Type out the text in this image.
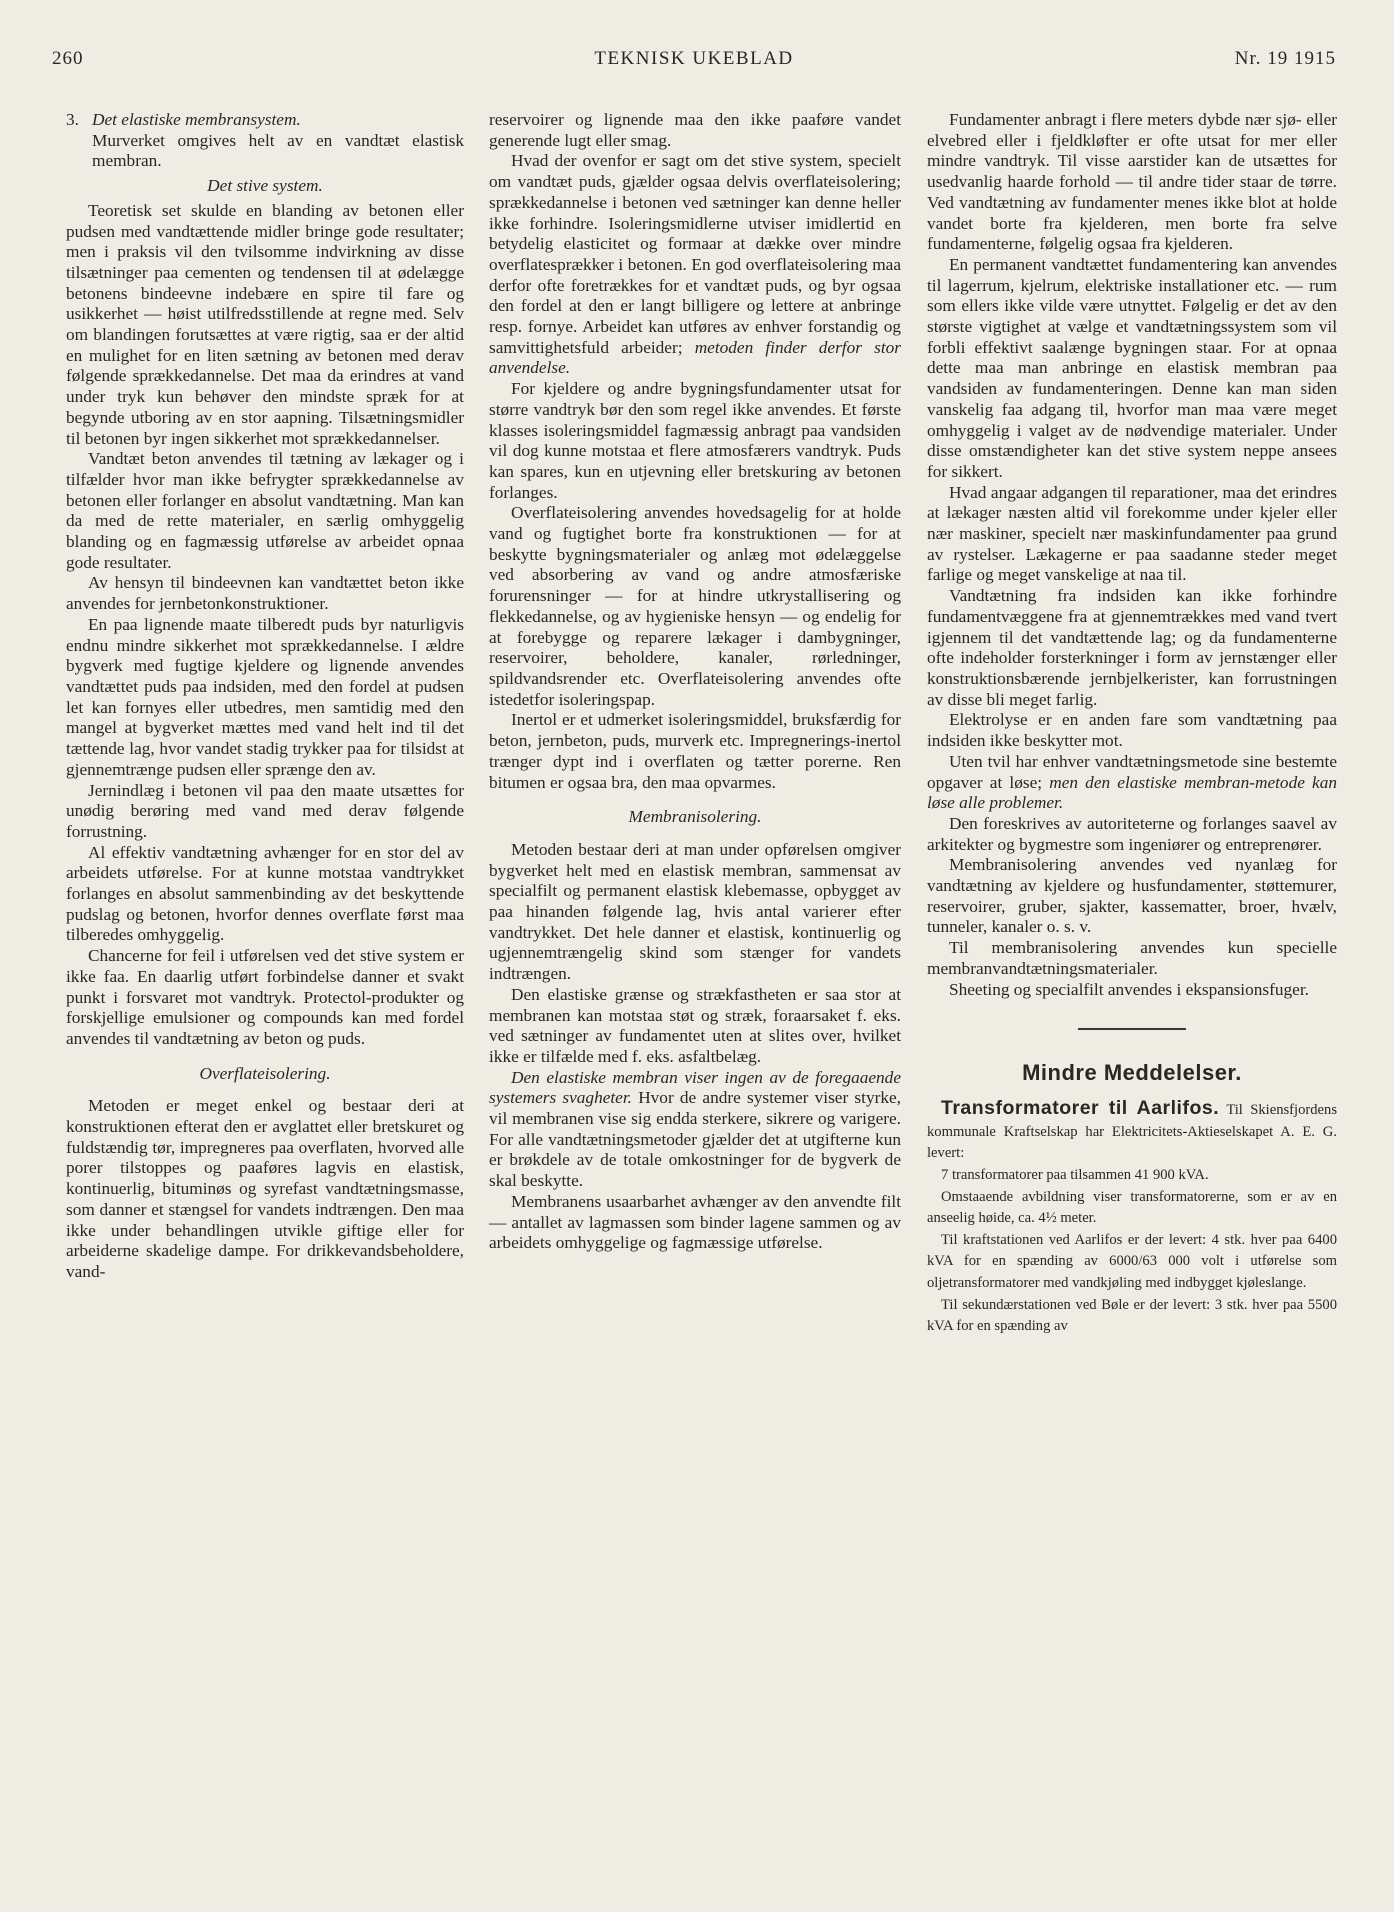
260	TEKNISK UKEBLAD	Nr. 19 1915

3. Det elastiske membransystem.
Murverket omgives helt av en vandtæt elastisk membran.

Det stive system.

Teoretisk set skulde en blanding av betonen eller pudsen med vandtættende midler bringe gode resultater; men i praksis vil den tvilsomme indvirkning av disse tilsætninger paa cementen og tendensen til at ødelægge betonens bindeevne indebære en spire til fare og usikkerhet — høist utilfredsstillende at regne med. Selv om blandingen forutsættes at være rigtig, saa er der altid en mulighet for en liten sætning av betonen med derav følgende sprækkedannelse. Det maa da erindres at vand under tryk kun behøver den mindste spræk for at begynde utboring av en stor aapning. Tilsætningsmidler til betonen byr ingen sikkerhet mot sprækkedannelser.

Vandtæt beton anvendes til tætning av lækager og i tilfælder hvor man ikke befrygter sprækkedannelse av betonen eller forlanger en absolut vandtætning. Man kan da med de rette materialer, en særlig omhyggelig blanding og en fagmæssig utførelse av arbeidet opnaa gode resultater.

Av hensyn til bindeevnen kan vandtættet beton ikke anvendes for jernbetonkonstruktioner.

En paa lignende maate tilberedt puds byr naturligvis endnu mindre sikkerhet mot sprækkedannelse. I ældre bygverk med fugtige kjeldere og lignende anvendes vandtættet puds paa indsiden, med den fordel at pudsen let kan fornyes eller utbedres, men samtidig med den mangel at bygverket mættes med vand helt ind til det tættende lag, hvor vandet stadig trykker paa for tilsidst at gjennemtrænge pudsen eller sprænge den av.

Jernindlæg i betonen vil paa den maate utsættes for unødig berøring med vand med derav følgende forrustning.

Al effektiv vandtætning avhænger for en stor del av arbeidets utførelse. For at kunne motstaa vandtrykket forlanges en absolut sammenbinding av det beskyttende pudslag og betonen, hvorfor dennes overflate først maa tilberedes omhyggelig.

Chancerne for feil i utførelsen ved det stive system er ikke faa. En daarlig utført forbindelse danner et svakt punkt i forsvaret mot vandtryk. Protectol-produkter og forskjellige emulsioner og compounds kan med fordel anvendes til vandtætning av beton og puds.

Overflateisolering.

Metoden er meget enkel og bestaar deri at konstruktionen efterat den er avglattet eller bretskuret og fuldstændig tør, impregneres paa overflaten, hvorved alle porer tilstoppes og paaføres lagvis en elastisk, kontinuerlig, bituminøs og syrefast vandtætningsmasse, som danner et stængsel for vandets indtrængen. Den maa ikke under behandlingen utvikle giftige eller for arbeiderne skadelige dampe. For drikkevandsbeholdere, vand-

reservoirer og lignende maa den ikke paaføre vandet generende lugt eller smag.

Hvad der ovenfor er sagt om det stive system, specielt om vandtæt puds, gjælder ogsaa delvis overflateisolering; sprækkedannelse i betonen ved sætninger kan denne heller ikke forhindre. Isoleringsmidlerne utviser imidlertid en betydelig elasticitet og formaar at dække over mindre overflatesprækker i betonen. En god overflateisolering maa derfor ofte foretrækkes for et vandtæt puds, og byr ogsaa den fordel at den er langt billigere og lettere at anbringe resp. fornye. Arbeidet kan utføres av enhver forstandig og samvittighetsfuld arbeider; metoden finder derfor stor anvendelse.

For kjeldere og andre bygningsfundamenter utsat for større vandtryk bør den som regel ikke anvendes. Et første klasses isoleringsmiddel fagmæssig anbragt paa vandsiden vil dog kunne motstaa et flere atmosfærers vandtryk. Puds kan spares, kun en utjevning eller bretskuring av betonen forlanges.

Overflateisolering anvendes hovedsagelig for at holde vand og fugtighet borte fra konstruktionen — for at beskytte bygningsmaterialer og anlæg mot ødelæggelse ved absorbering av vand og andre atmosfæriske forurensninger — for at hindre utkrystallisering og flekkedannelse, og av hygieniske hensyn — og endelig for at forebygge og reparere lækager i dambygninger, reservoirer, beholdere, kanaler, rørledninger, spildvandsrender etc. Overflateisolering anvendes ofte istedetfor isoleringspap.

Inertol er et udmerket isoleringsmiddel, bruksfærdig for beton, jernbeton, puds, murverk etc. Impregnerings-inertol trænger dypt ind i overflaten og tætter porerne. Ren bitumen er ogsaa bra, den maa opvarmes.

Membranisolering.

Metoden bestaar deri at man under opførelsen omgiver bygverket helt med en elastisk membran, sammensat av specialfilt og permanent elastisk klebemasse, opbygget av paa hinanden følgende lag, hvis antal varierer efter vandtrykket. Det hele danner et elastisk, kontinuerlig og ugjennemtrængelig skind som stænger for vandets indtrængen.

Den elastiske grænse og strækfastheten er saa stor at membranen kan motstaa støt og stræk, foraarsaket f. eks. ved sætninger av fundamentet uten at slites over, hvilket ikke er tilfælde med f. eks. asfaltbelæg.

Den elastiske membran viser ingen av de foregaaende systemers svagheter. Hvor de andre systemer viser styrke, vil membranen vise sig endda sterkere, sikrere og varigere. For alle vandtætningsmetoder gjælder det at utgifterne kun er brøkdele av de totale omkostninger for de bygverk de skal beskytte.

Membranens usaarbarhet avhænger av den anvendte filt — antallet av lagmassen som binder lagene sammen og av arbeidets omhyggelige og fagmæssige utførelse.

Fundamenter anbragt i flere meters dybde nær sjø- eller elvebred eller i fjeldkløfter er ofte utsat for mer eller mindre vandtryk. Til visse aarstider kan de utsættes for usedvanlig haarde forhold — til andre tider staar de tørre. Ved vandtætning av fundamenter menes ikke blot at holde vandet borte fra kjelderen, men borte fra selve fundamenterne, følgelig ogsaa fra kjelderen.

En permanent vandtættet fundamentering kan anvendes til lagerrum, kjelrum, elektriske installationer etc. — rum som ellers ikke vilde være utnyttet. Følgelig er det av den største vigtighet at vælge et vandtætningssystem som vil forbli effektivt saalænge bygningen staar. For at opnaa dette maa man anbringe en elastisk membran paa vandsiden av fundamenteringen. Denne kan man siden vanskelig faa adgang til, hvorfor man maa være meget omhyggelig i valget av de nødvendige materialer. Under disse omstændigheter kan det stive system neppe ansees for sikkert.

Hvad angaar adgangen til reparationer, maa det erindres at lækager næsten altid vil forekomme under kjeler eller nær maskiner, specielt nær maskinfundamenter paa grund av rystelser. Lækagerne er paa saadanne steder meget farlige og meget vanskelige at naa til.

Vandtætning fra indsiden kan ikke forhindre fundamentvæggene fra at gjennemtrækkes med vand tvert igjennem til det vandtættende lag; og da fundamenterne ofte indeholder forsterkninger i form av jernstænger eller konstruktionsbærende jernbjelkerister, kan forrustningen av disse bli meget farlig.

Elektrolyse er en anden fare som vandtætning paa indsiden ikke beskytter mot.

Uten tvil har enhver vandtætningsmetode sine bestemte opgaver at løse; men den elastiske membran-metode kan løse alle problemer.

Den foreskrives av autoriteterne og forlanges saavel av arkitekter og bygmestre som ingeniører og entreprenører.

Membranisolering anvendes ved nyanlæg for vandtætning av kjeldere og husfundamenter, støttemurer, reservoirer, gruber, sjakter, kassematter, broer, hvælv, tunneler, kanaler o. s. v.

Til membranisolering anvendes kun specielle membranvandtætningsmaterialer.

Sheeting og specialfilt anvendes i ekspansionsfuger.

Mindre Meddelelser.

Transformatorer til Aarlifos. Til Skiensfjordens kommunale Kraftselskap har Elektricitets-Aktieselskapet A. E. G. levert:

7 transformatorer paa tilsammen 41 900 kVA.

Omstaaende avbildning viser transformatorerne, som er av en anseelig høide, ca. 4½ meter.

Til kraftstationen ved Aarlifos er der levert: 4 stk. hver paa 6400 kVA for en spænding av 6000/63 000 volt i utførelse som oljetransformatorer med vandkjøling med indbygget kjøleslange.

Til sekundærstationen ved Bøle er der levert: 3 stk. hver paa 5500 kVA for en spænding av
